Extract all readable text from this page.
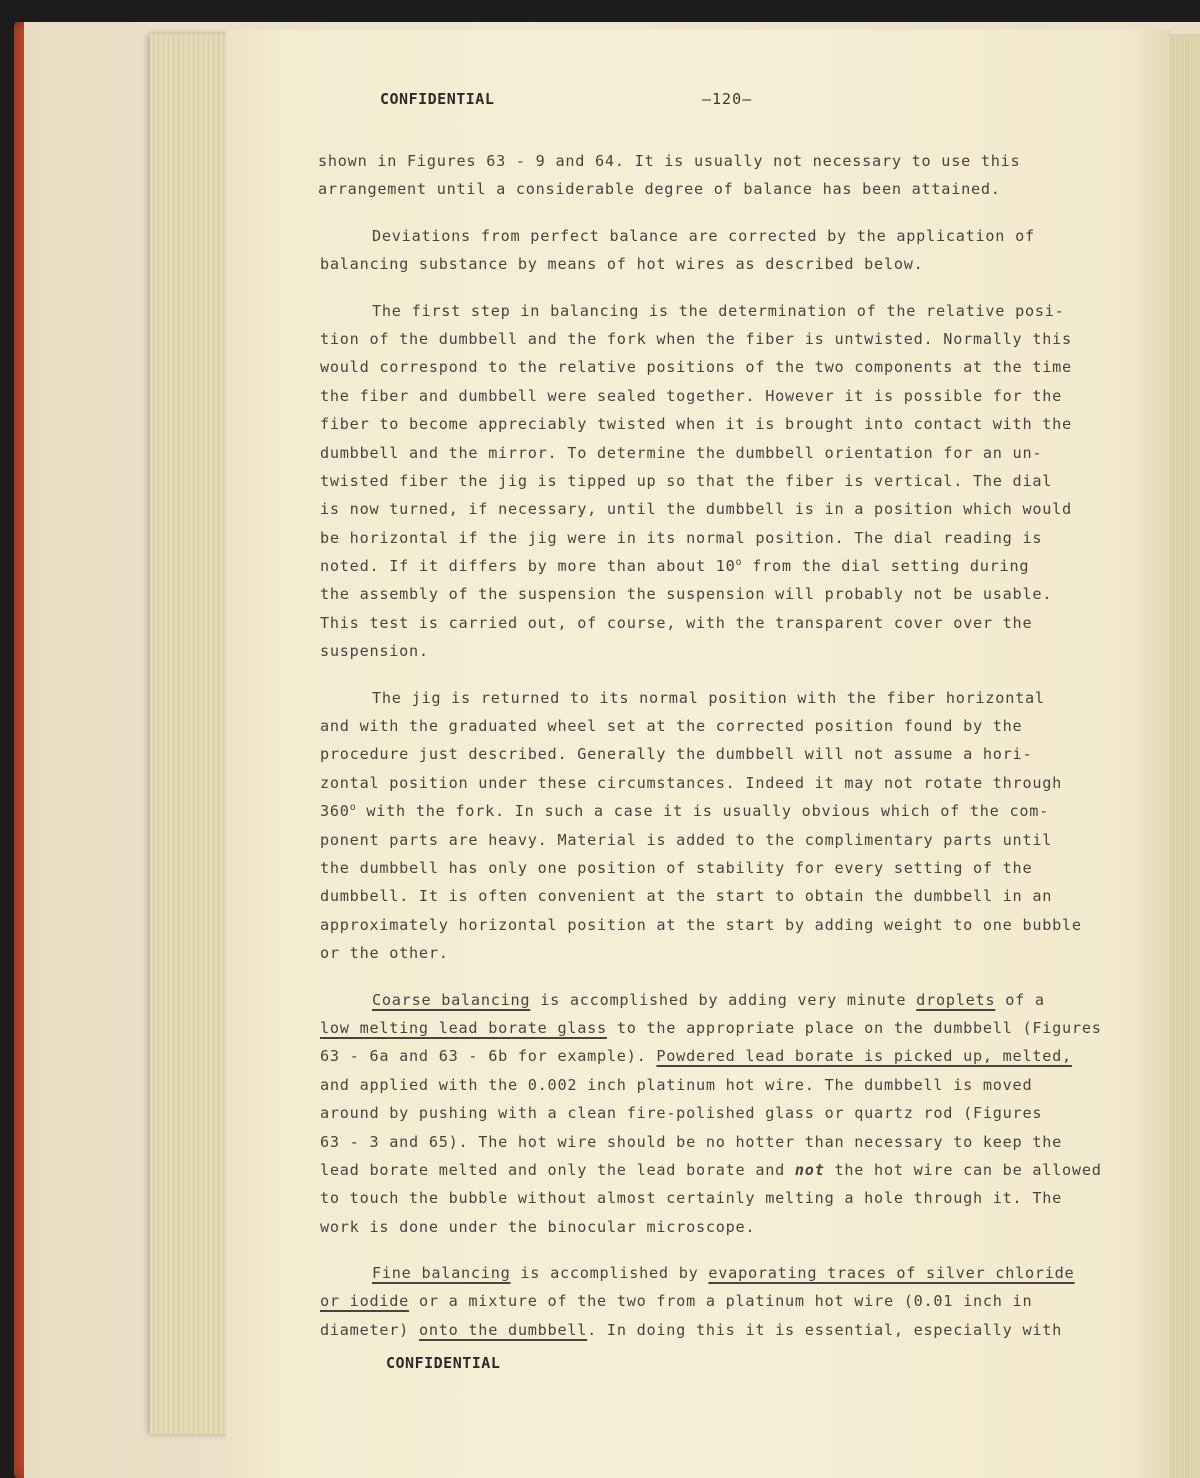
CONFIDENTIAL	—120—
shown in Figures 63 - 9 and 64. It is usually not necessary to use this
arrangement until a considerable degree of balance has been attained.
Deviations from perfect balance are corrected by the application of
balancing substance by means of hot wires as described below.
The first step in balancing is the determination of the relative posi-
tion of the dumbbell and the fork when the fiber is untwisted. Normally this
would correspond to the relative positions of the two components at the time
the fiber and dumbbell were sealed together. However it is possible for the
fiber to become appreciably twisted when it is brought into contact with the
dumbbell and the mirror. To determine the dumbbell orientation for an un-
twisted fiber the jig is tipped up so that the fiber is vertical. The dial
is now turned, if necessary, until the dumbbell is in a position which would
be horizontal if the jig were in its normal position. The dial reading is
noted. If it differs by more than about 10$^o$ from the dial setting during
the assembly of the suspension the suspension will probably not be usable.
This test is carried out, of course, with the transparent cover over the
suspension.
The jig is returned to its normal position with the fiber horizontal
and with the graduated wheel set at the corrected position found by the
procedure just described. Generally the dumbbell will not assume a hori-
zontal position under these circumstances. Indeed it may not rotate through
360$^o$ with the fork. In such a case it is usually obvious which of the com-
ponent parts are heavy. Material is added to the complimentary parts until
the dumbbell has only one position of stability for every setting of the
dumbbell. It is often convenient at the start to obtain the dumbbell in an
approximately horizontal position at the start by adding weight to one bubble
or the other.
Coarse balancing is accomplished by adding very minute droplets of a
low melting lead borate glass to the appropriate place on the dumbbell (Figures
63 - 6a and 63 - 6b for example). Powdered lead borate is picked up, melted,
and applied with the 0.002 inch platinum hot wire. The dumbbell is moved
around by pushing with a clean fire-polished glass or quartz rod (Figures
63 - 3 and 65). The hot wire should be no hotter than necessary to keep the
lead borate melted and only the lead borate and not the hot wire can be allowed
to touch the bubble without almost certainly melting a hole through it. The
work is done under the binocular microscope.
Fine balancing is accomplished by evaporating traces of silver chloride
or iodide or a mixture of the two from a platinum hot wire (0.01 inch in
diameter) onto the dumbbell. In doing this it is essential, especially with
CONFIDENTIAL
